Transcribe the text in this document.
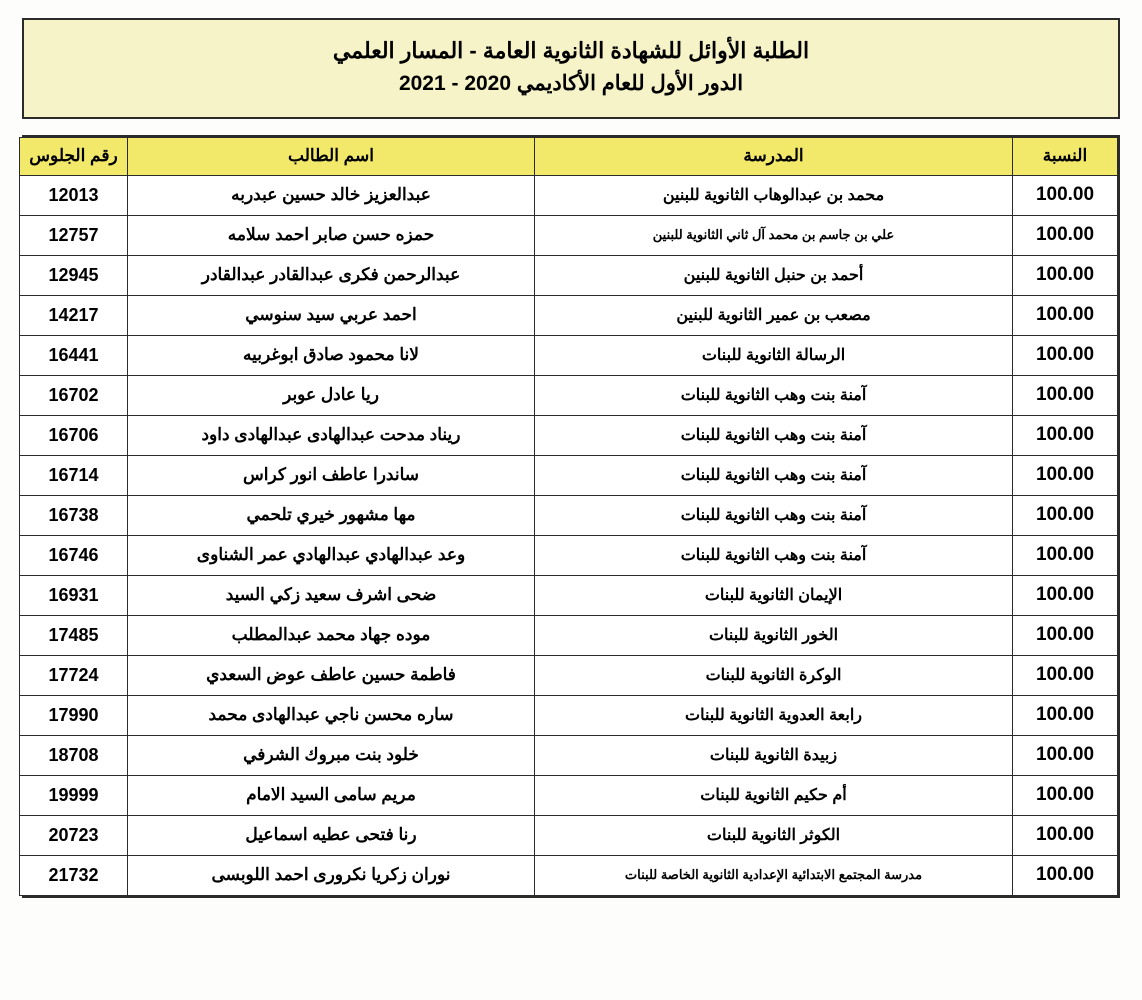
الطلبة الأوائل للشهادة الثانوية العامة - المسار العلمي
الدور الأول للعام الأكاديمي 2020 - 2021
النسبة	المدرسة	اسم الطالب	رقم الجلوس
100.00	محمد بن عبدالوهاب الثانوية للبنين	عبدالعزيز خالد حسين عبدربه	12013
100.00	علي بن جاسم بن محمد آل ثاني الثانوية للبنين	حمزه حسن صابر احمد سلامه	12757
100.00	أحمد بن حنبل الثانوية للبنين	عبدالرحمن فكرى عبدالقادر عبدالقادر	12945
100.00	مصعب بن عمير الثانوية للبنين	احمد عربي سيد سنوسي	14217
100.00	الرسالة الثانوية للبنات	لانا محمود صادق ابوغربيه	16441
100.00	آمنة بنت وهب الثانوية للبنات	ريا عادل عوبر	16702
100.00	آمنة بنت وهب الثانوية للبنات	ريناد مدحت عبدالهادى عبدالهادى داود	16706
100.00	آمنة بنت وهب الثانوية للبنات	ساندرا عاطف انور كراس	16714
100.00	آمنة بنت وهب الثانوية للبنات	مها مشهور خيري تلحمي	16738
100.00	آمنة بنت وهب الثانوية للبنات	وعد عبدالهادي عبدالهادي عمر الشناوى	16746
100.00	الإيمان الثانوية للبنات	ضحى اشرف سعيد زكي السيد	16931
100.00	الخور الثانوية للبنات	موده جهاد محمد عبدالمطلب	17485
100.00	الوكرة الثانوية للبنات	فاطمة حسين عاطف عوض السعدي	17724
100.00	رابعة العدوية الثانوية للبنات	ساره محسن ناجي عبدالهادى محمد	17990
100.00	زبيدة الثانوية للبنات	خلود بنت مبروك الشرفي	18708
100.00	أم حكيم الثانوية للبنات	مريم سامى السيد الامام	19999
100.00	الكوثر الثانوية للبنات	رنا فتحى عطيه اسماعيل	20723
100.00	مدرسة المجتمع الابتدائية الإعدادية الثانوية الخاصة للبنات	نوران زكريا نكرورى احمد اللوبسى	21732
